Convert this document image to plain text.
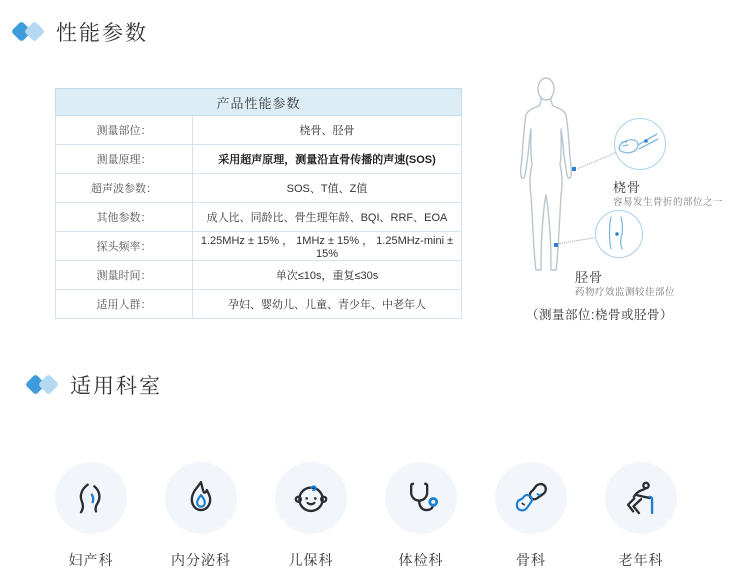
性能参数
产品性能参数	
测量部位：	桡骨、胫骨
测量原理：	采用超声原理，测量沿直骨传播的声速(SOS)
超声波参数：	SOS、T值、Z值
其他参数：	成人比、同龄比、骨生理年龄、BQI、RRF、EOA
探头频率：	1.25MHz ± 15% ， 1MHz ± 15% ， 1.25MHz-mini ± 15%
测量时间：	单次≤10s，重复≤30s
适用人群：	孕妇、婴幼儿、儿童、青少年、中老年人
桡骨
容易发生骨折的部位之一
胫骨
药物疗效监测较佳部位
（测量部位:桡骨或胫骨）
适用科室
妇产科	内分泌科	儿保科	体检科	骨科	老年科
